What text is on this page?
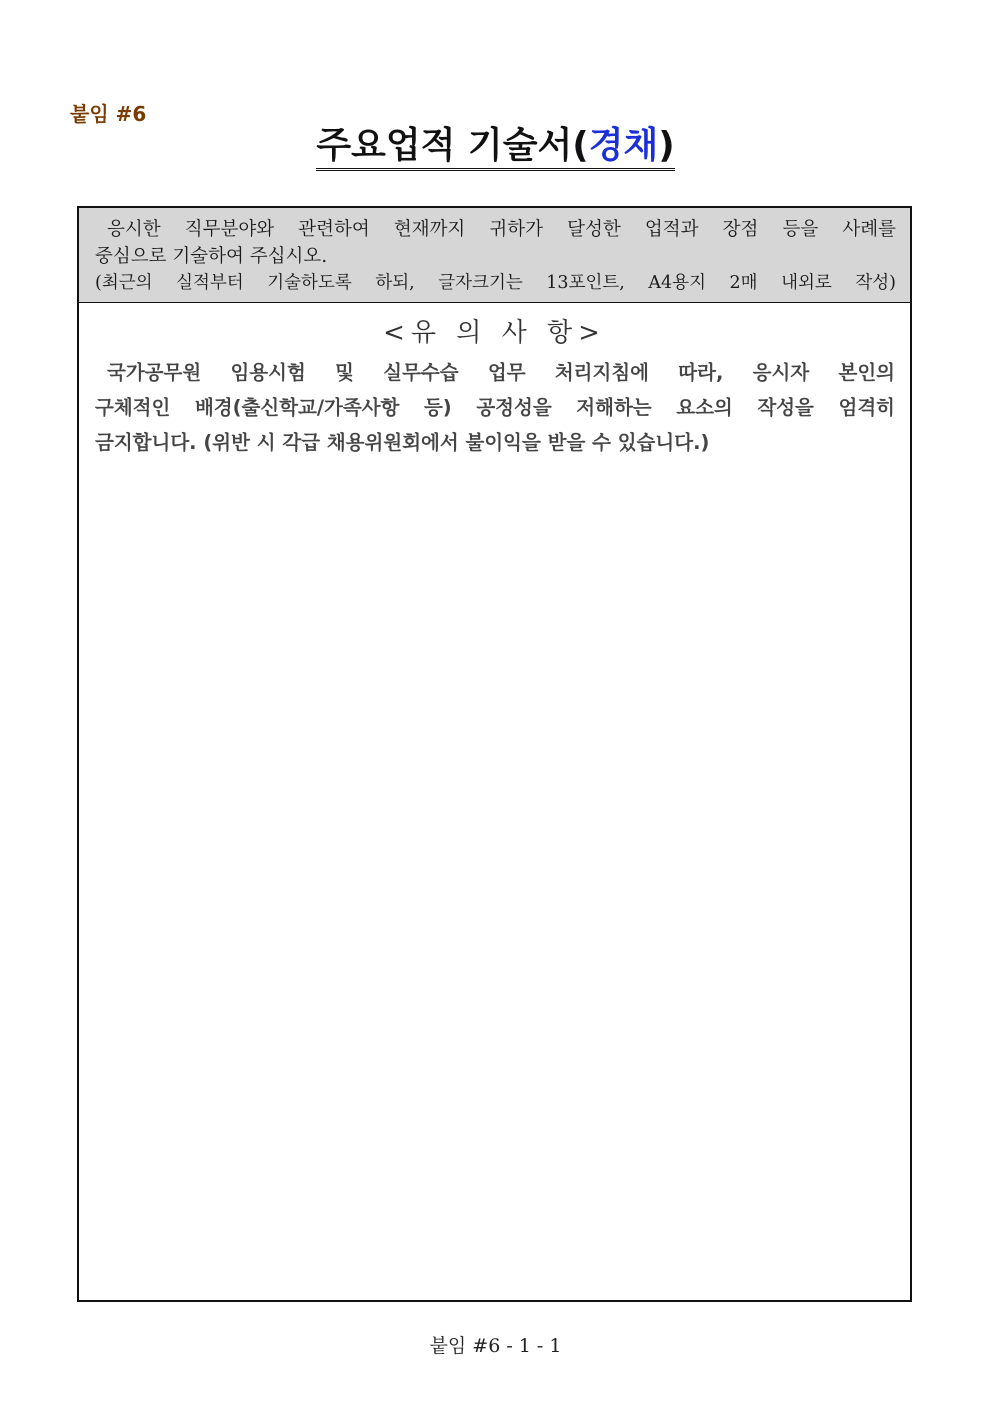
붙임 #6
주요업적 기술서(경채)
응시한 직무분야와 관련하여 현재까지 귀하가 달성한 업적과 장점 등을 사례를
중심으로 기술하여 주십시오.
(최근의 실적부터 기술하도록 하되, 글자크기는 13포인트, A4용지 2매 내외로 작성)
<유 의 사 항>
국가공무원 임용시험 및 실무수습 업무 처리지침에 따라, 응시자 본인의
구체적인 배경(출신학교/가족사항 등) 공정성을 저해하는 요소의 작성을 엄격히
금지합니다. (위반 시 각급 채용위원회에서 불이익을 받을 수 있습니다.)
붙임 #6 - 1 - 1
